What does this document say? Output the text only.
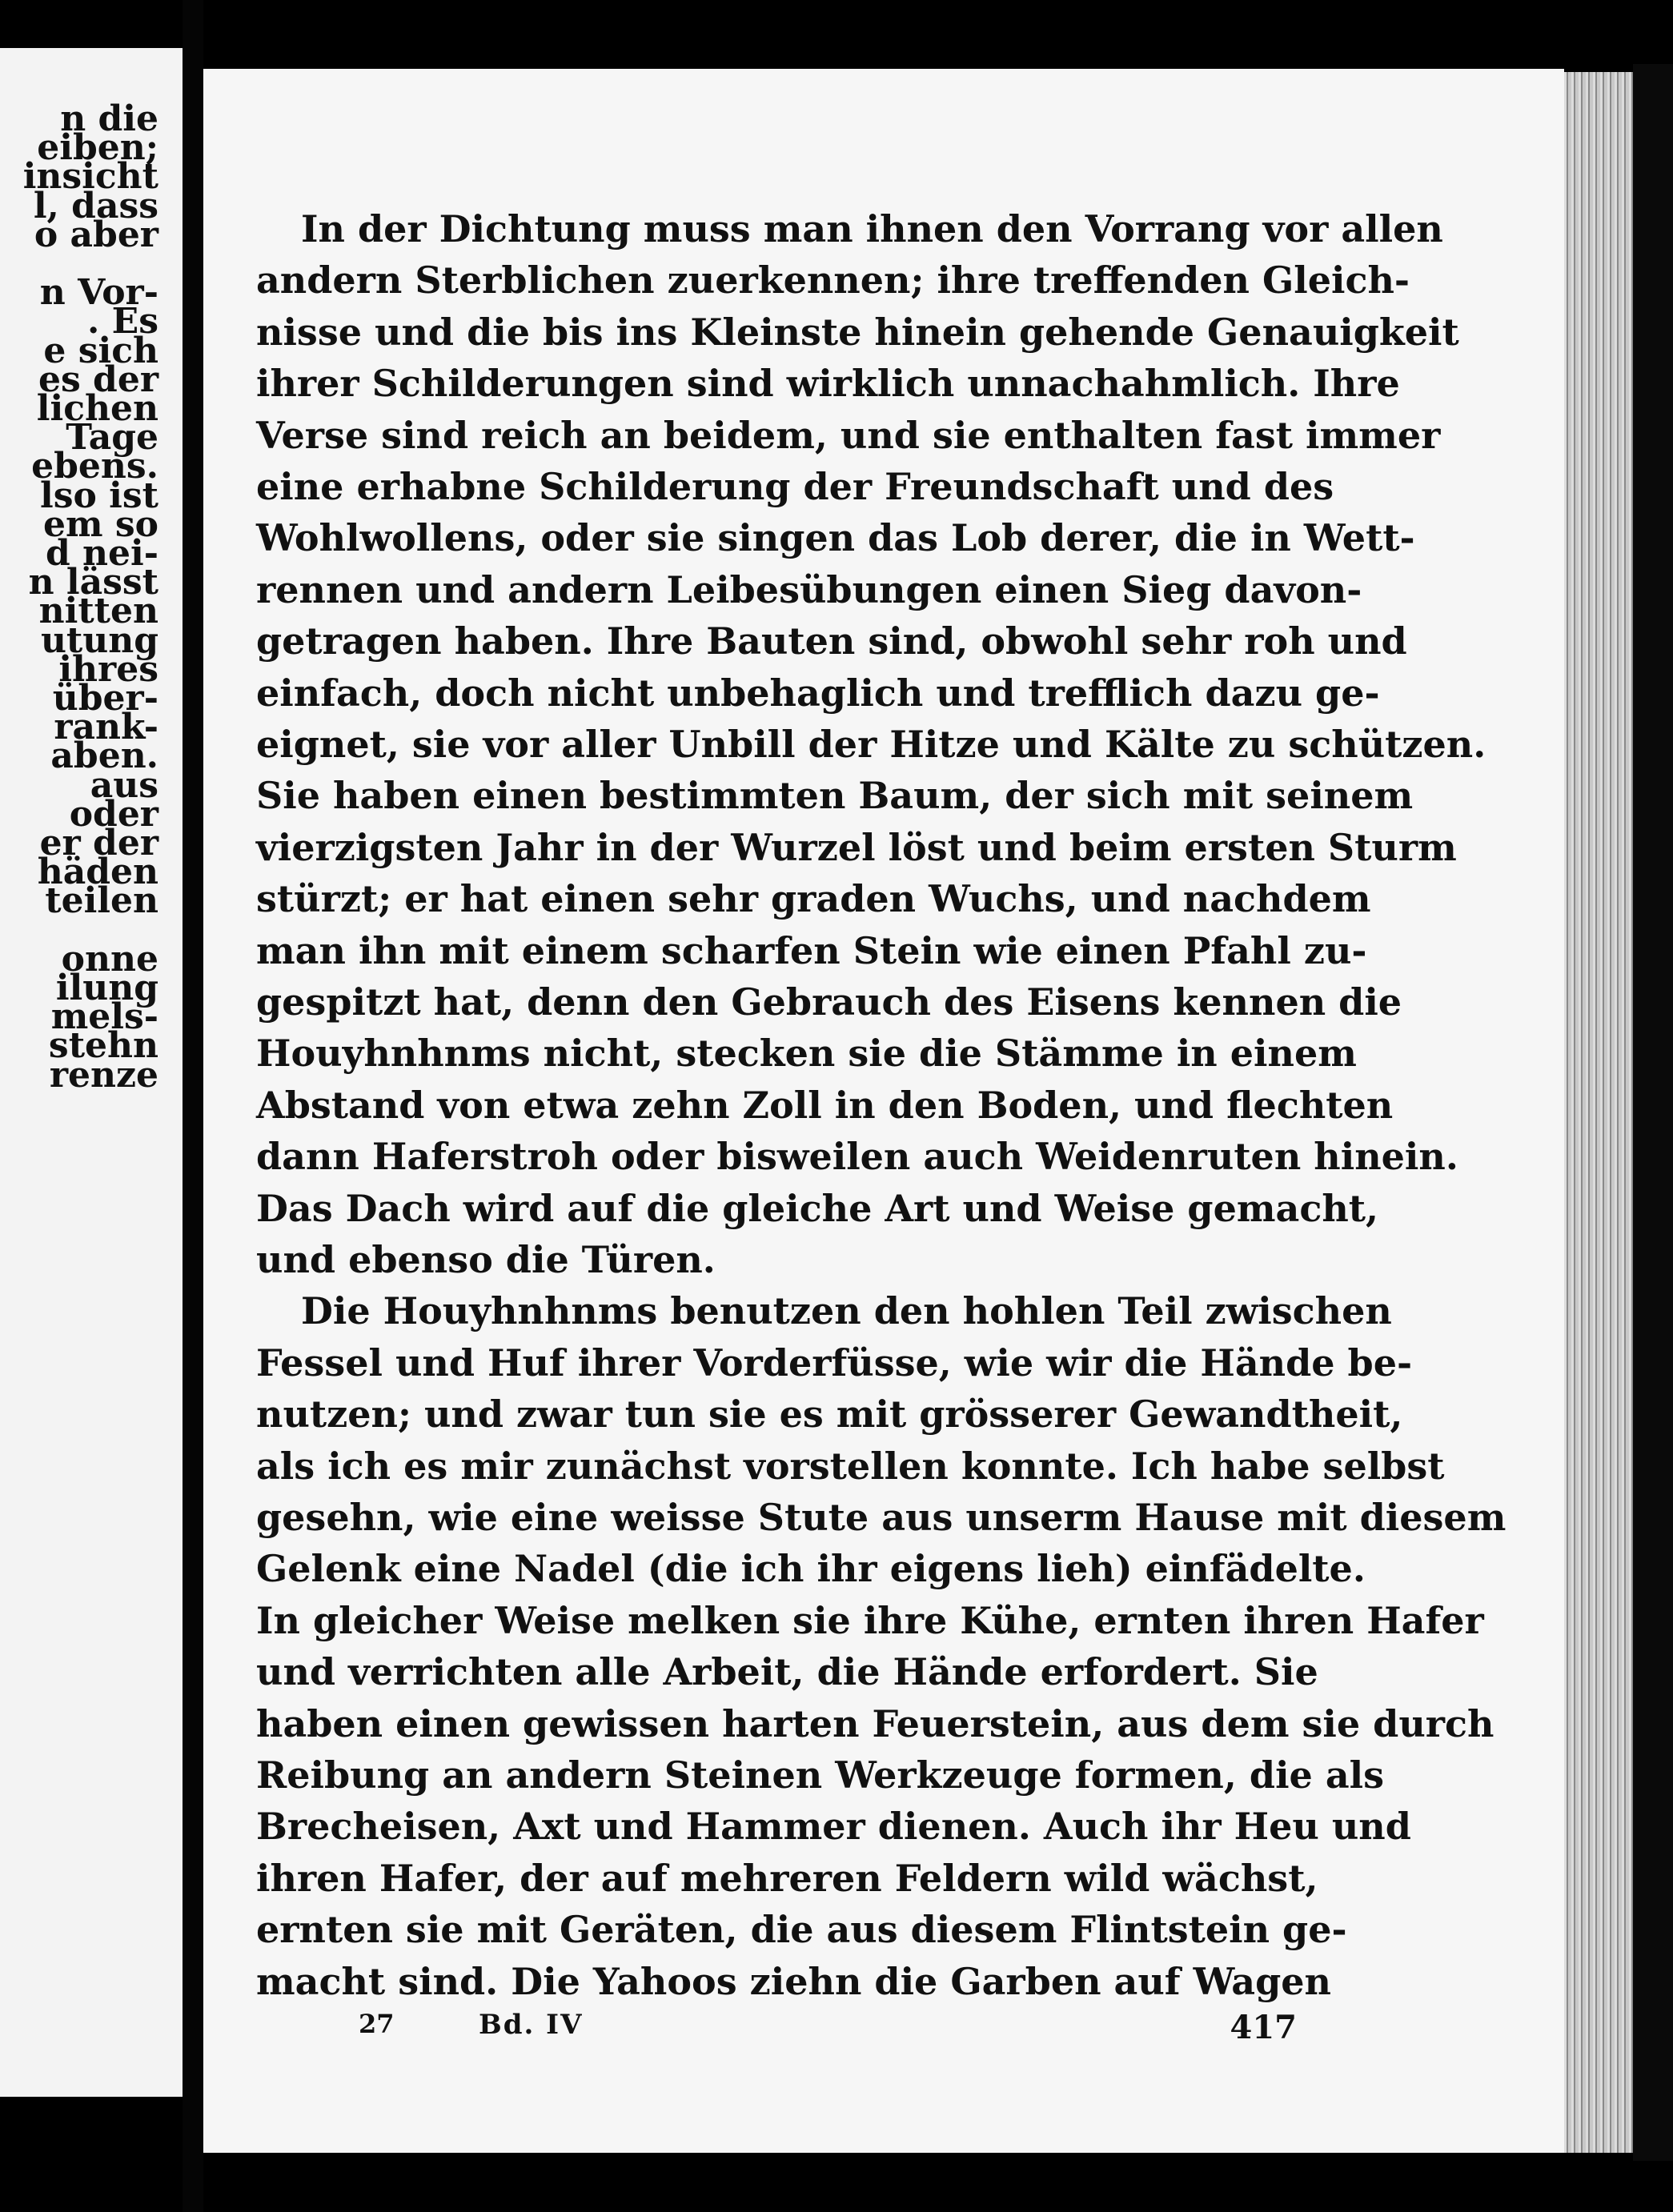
n die
eiben;
insicht
l, dass
o aber
n Vor-
. Es
e sich
es der
lichen
Tage
ebens.
lso ist
em so
d nei-
n lässt
nitten
utung
ihres
über-
rank-
aben.
aus
oder
er der
häden
teilen
onne
ilung
mels-
stehn
renze
In der Dichtung muss man ihnen den Vorrang vor allen
andern Sterblichen zuerkennen; ihre treffenden Gleich-
nisse und die bis ins Kleinste hinein gehende Genauigkeit
ihrer Schilderungen sind wirklich unnachahmlich. Ihre
Verse sind reich an beidem, und sie enthalten fast immer
eine erhabne Schilderung der Freundschaft und des
Wohlwollens, oder sie singen das Lob derer, die in Wett-
rennen und andern Leibesübungen einen Sieg davon-
getragen haben. Ihre Bauten sind, obwohl sehr roh und
einfach, doch nicht unbehaglich und trefflich dazu ge-
eignet, sie vor aller Unbill der Hitze und Kälte zu schützen.
Sie haben einen bestimmten Baum, der sich mit seinem
vierzigsten Jahr in der Wurzel löst und beim ersten Sturm
stürzt; er hat einen sehr graden Wuchs, und nachdem
man ihn mit einem scharfen Stein wie einen Pfahl zu-
gespitzt hat, denn den Gebrauch des Eisens kennen die
Houyhnhnms nicht, stecken sie die Stämme in einem
Abstand von etwa zehn Zoll in den Boden, und flechten
dann Haferstroh oder bisweilen auch Weidenruten hinein.
Das Dach wird auf die gleiche Art und Weise gemacht,
und ebenso die Türen.
Die Houyhnhnms benutzen den hohlen Teil zwischen
Fessel und Huf ihrer Vorderfüsse, wie wir die Hände be-
nutzen; und zwar tun sie es mit grösserer Gewandtheit,
als ich es mir zunächst vorstellen konnte. Ich habe selbst
gesehn, wie eine weisse Stute aus unserm Hause mit diesem
Gelenk eine Nadel (die ich ihr eigens lieh) einfädelte.
In gleicher Weise melken sie ihre Kühe, ernten ihren Hafer
und verrichten alle Arbeit, die Hände erfordert. Sie
haben einen gewissen harten Feuerstein, aus dem sie durch
Reibung an andern Steinen Werkzeuge formen, die als
Brecheisen, Axt und Hammer dienen. Auch ihr Heu und
ihren Hafer, der auf mehreren Feldern wild wächst,
ernten sie mit Geräten, die aus diesem Flintstein ge-
macht sind. Die Yahoos ziehn die Garben auf Wagen
27	Bd. IV	417
